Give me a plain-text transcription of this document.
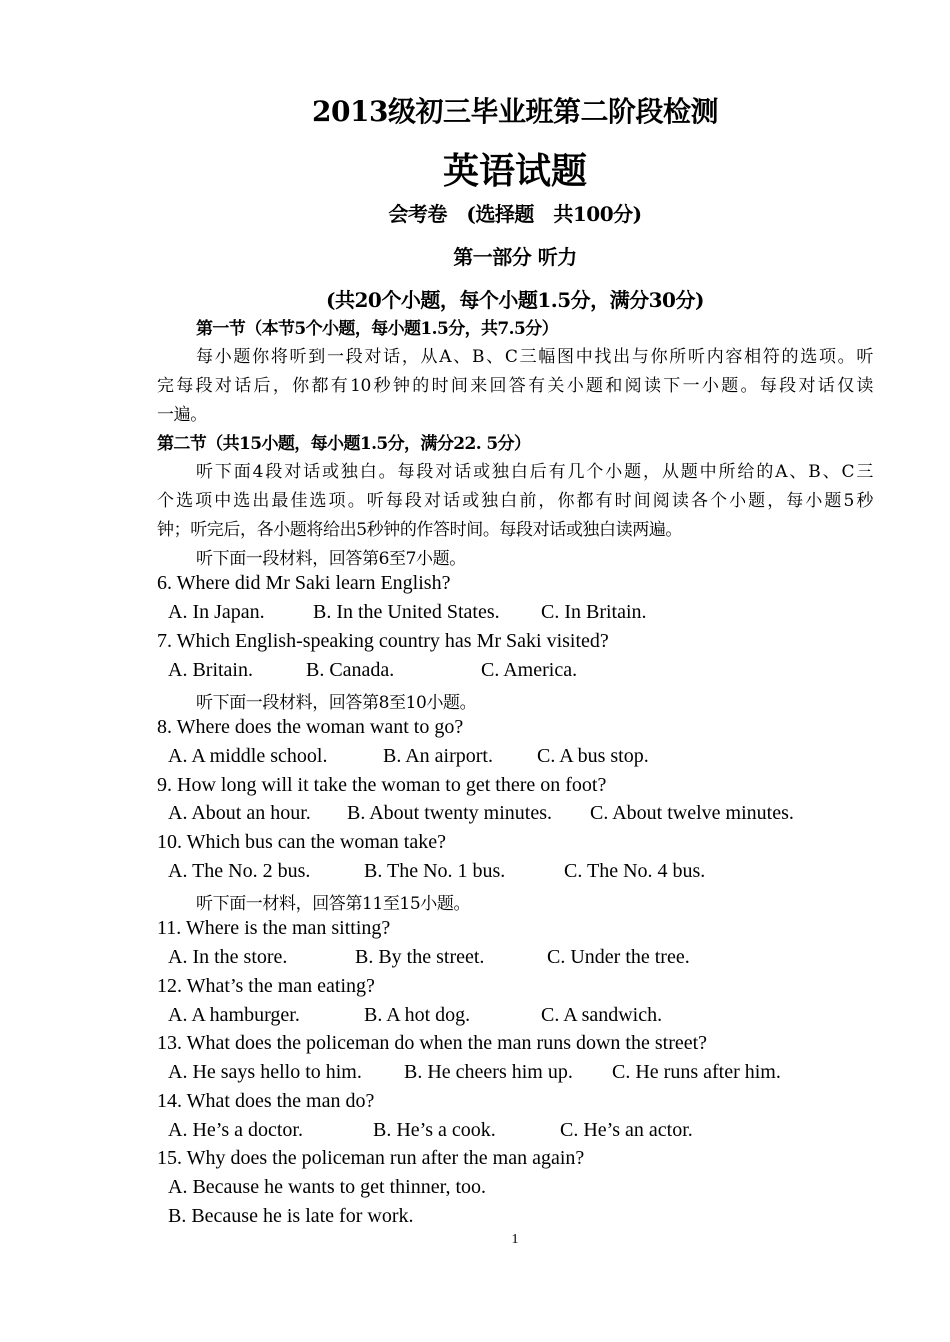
2013级初三毕业班第二阶段检测
英语试题
会考卷　(选择题　共100分)
第一部分 听力
(共20个小题，每个小题1.5分，满分30分)
第一节（本节5个小题，每小题1.5分，共7.5分）
每小题你将听到一段对话，从A、B、C三幅图中找出与你所听内容相符的选项。听
完每段对话后，你都有10秒钟的时间来回答有关小题和阅读下一小题。每段对话仅读
一遍。
第二节（共15小题，每小题1.5分，满分22. 5分）
听下面4段对话或独白。每段对话或独白后有几个小题，从题中所给的A、B、C三
个选项中选出最佳选项。听每段对话或独白前，你都有时间阅读各个小题，每小题5秒
钟；听完后，各小题将给出5秒钟的作答时间。每段对话或独白读两遍。
听下面一段材料，回答第6至7小题。
6. Where did Mr Saki learn English?
A. In Japan. B. In the United States. C. In Britain.
7. Which English-speaking country has Mr Saki visited?
A. Britain.	B. Canada.	C. America.
听下面一段材料，回答第8至10小题。
8. Where does the woman want to go?
A. A middle school.	B. An airport. C. A bus stop.
9. How long will it take the woman to get there on foot?
A. About an hour. B. About twenty minutes. C. About twelve minutes.
10. Which bus can the woman take?
A. The No. 2 bus.	B. The No. 1 bus.	C. The No. 4 bus.
听下面一材料，回答第11至15小题。
11. Where is the man sitting?
A. In the store.	B. By the street.	C. Under the tree.
12. What’s the man eating?
A. A hamburger.	B. A hot dog.	C. A sandwich.
13. What does the policeman do when the man runs down the street?
A. He says hello to him. B. He cheers him up. C. He runs after him.
14. What does the man do?
A. He’s a doctor.	B. He’s a cook.	C. He’s an actor.
15. Why does the policeman run after the man again?
A. Because he wants to get thinner, too.
B. Because he is late for work.
1
